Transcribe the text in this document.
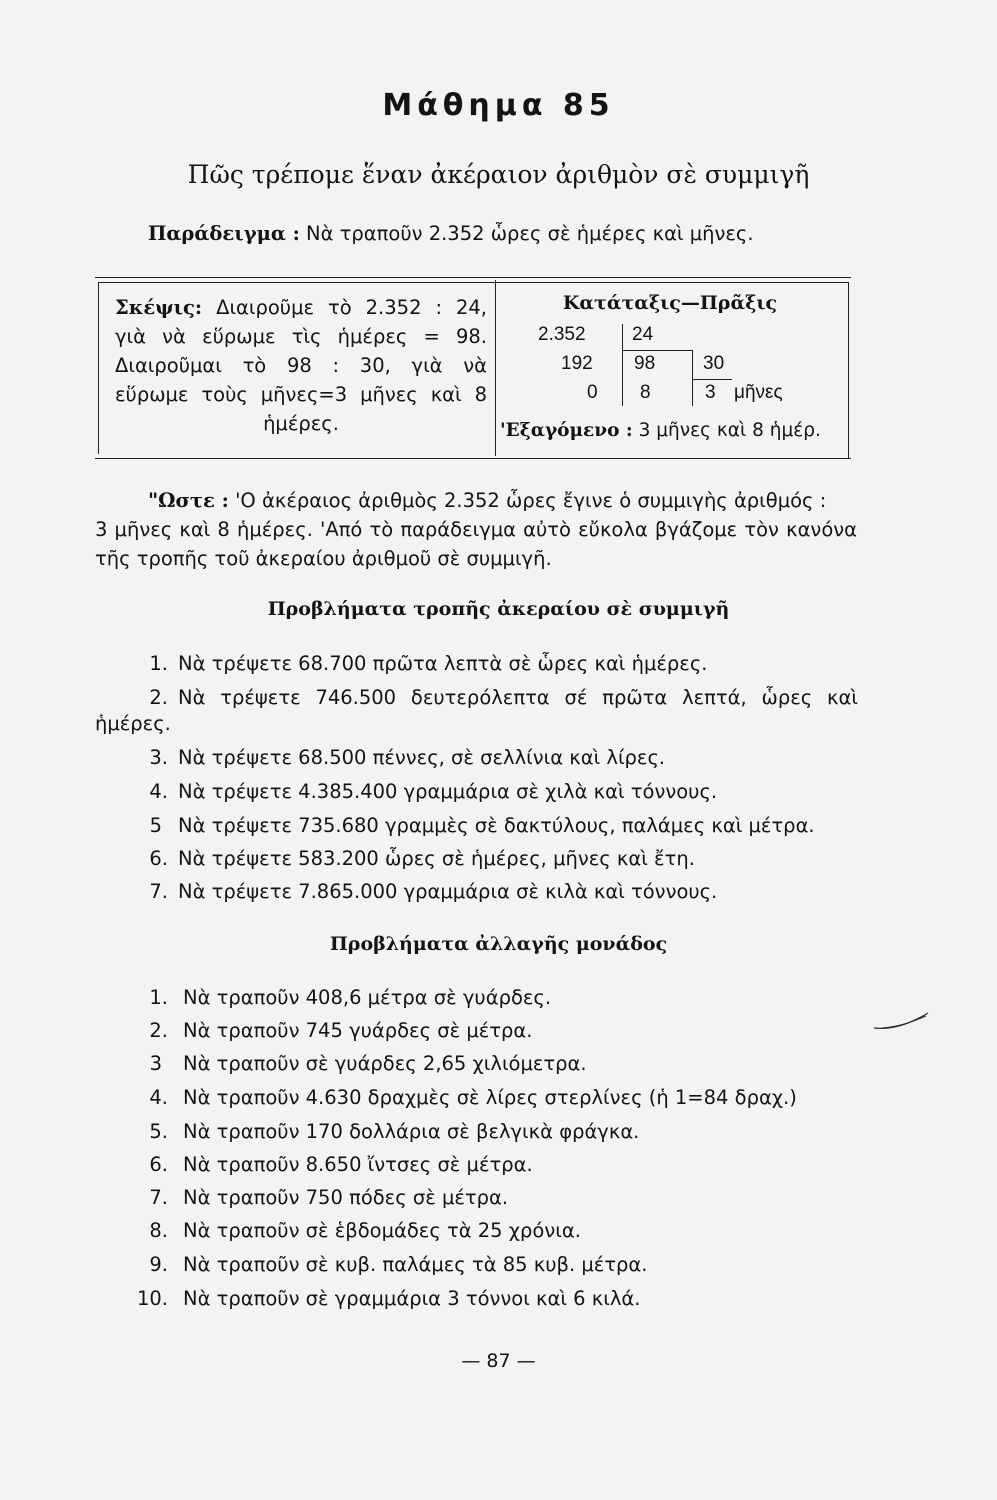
Μάθημα 85
Πῶς τρέπομε ἕναν ἀκέραιον ἀριθμὸν σὲ συμμιγῆ
Παράδειγμα : Νὰ τραποῦν 2.352 ὧρες σὲ ἡμέρες καὶ μῆνες.

Σκέψις: Διαιροῦμε τὸ 2.352 : 24,

γιὰ νὰ εὕρωμε τὶς ἡμέρες = 98.

Διαιροῦμαι τὸ 98 : 30, γιὰ νὰ

εὕρωμε τοὺς μῆνες=3 μῆνες καὶ 8

ἡμέρες.

Κατάταξις—Πρᾶξις
2.352 24
192 98	30
0 8	3 μῆνες
'Εξαγόμενο : 3 μῆνες καὶ 8 ἡμέρ.
"Ωστε : 'Ο ἀκέραιος ἀριθμὸς 2.352 ὧρες ἔγινε ὁ συμμιγὴς ἀριθμός :
3 μῆνες καὶ 8 ἡμέρες. 'Από τὸ παράδειγμα αὐτὸ εὔκολα βγάζομε τὸν κανόνα τῆς τροπῆς τοῦ ἀκεραίου ἀριθμοῦ σὲ συμμιγῆ.
Προβλήματα τροπῆς ἀκεραίου σὲ συμμιγῆ
1. Νὰ τρέψετε 68.700 πρῶτα λεπτὰ σὲ ὧρες καὶ ἡμέρες.
2. Νὰ τρέψετε 746.500 δευτερόλεπτα σέ πρῶτα λεπτά, ὧρες καὶ
ἡμέρες.
3. Νὰ τρέψετε 68.500 πέννες, σὲ σελλίνια καὶ λίρες.
4. Νὰ τρέψετε 4.385.400 γραμμάρια σὲ χιλὰ καὶ τόννους.
5 Νὰ τρέψετε 735.680 γραμμὲς σὲ δακτύλους, παλάμες καὶ μέτρα.
6. Νὰ τρέψετε 583.200 ὧρες σὲ ἡμέρες, μῆνες καὶ ἔτη.
7. Νὰ τρέψετε 7.865.000 γραμμάρια σὲ κιλὰ καὶ τόννους.
Προβλήματα ἀλλαγῆς μονάδος
1. Νὰ τραποῦν 408,6 μέτρα σὲ γυάρδες.
2. Νὰ τραποῦν 745 γυάρδες σὲ μέτρα.
3 Νὰ τραποῦν σὲ γυάρδες 2,65 χιλιόμετρα.
4. Νὰ τραποῦν 4.630 δραχμὲς σὲ λίρες στερλίνες (ἡ 1=84 δραχ.)
5. Νὰ τραποῦν 170 δολλάρια σὲ βελγικὰ φράγκα.
6. Νὰ τραποῦν 8.650 ἴντσες σὲ μέτρα.
7. Νὰ τραποῦν 750 πόδες σὲ μέτρα.
8. Νὰ τραποῦν σὲ ἑβδομάδες τὰ 25 χρόνια.
9. Νὰ τραποῦν σὲ κυβ. παλάμες τὰ 85 κυβ. μέτρα.
10. Νὰ τραποῦν σὲ γραμμάρια 3 τόννοι καὶ 6 κιλά.
— 87 —
